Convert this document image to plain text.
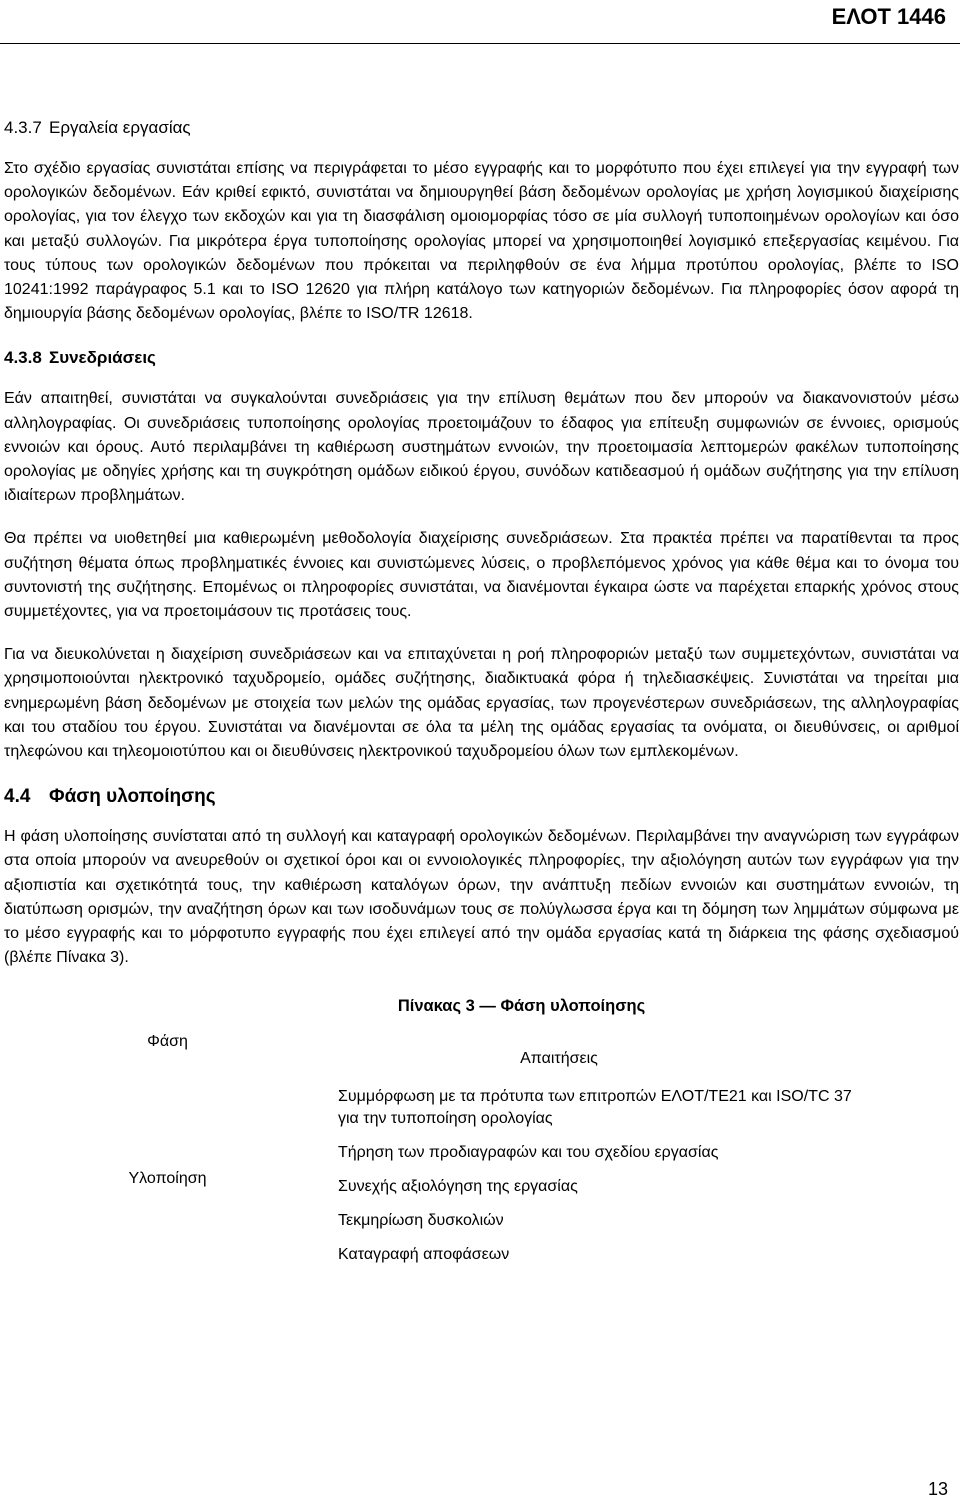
ΕΛΟΤ 1446
4.3.7 Εργαλεία εργασίας

Στο σχέδιο εργασίας συνιστάται επίσης να περιγράφεται το μέσο εγγραφής και το μορφότυπο που έχει επιλεγεί για την εγγραφή των ορολογικών δεδομένων. Εάν κριθεί εφικτό, συνιστάται να δημιουργηθεί βάση δεδομένων ορολογίας με χρήση λογισμικού διαχείρισης ορολογίας, για τον έλεγχο των εκδοχών και για τη διασφάλιση ομοιομορφίας τόσο σε μία συλλογή τυποποιημένων ορολογίων και όσο και μεταξύ συλλογών. Για μικρότερα έργα τυποποίησης ορολογίας μπορεί να χρησιμοποιηθεί λογισμικό επεξεργασίας κειμένου. Για τους τύπους των ορολογικών δεδομένων που πρόκειται να περιληφθούν σε ένα λήμμα προτύπου ορολογίας, βλέπε το ISO 10241:1992 παράγραφος 5.1 και το ISO 12620 για πλήρη κατάλογο των κατηγοριών δεδομένων. Για πληροφορίες όσον αφορά τη δημιουργία βάσης δεδομένων ορολογίας, βλέπε το ISO/TR 12618.

4.3.8 Συνεδριάσεις

Εάν απαιτηθεί, συνιστάται να συγκαλούνται συνεδριάσεις για την επίλυση θεμάτων που δεν μπορούν να διακανονιστούν μέσω αλληλογραφίας. Οι συνεδριάσεις τυποποίησης ορολογίας προετοιμάζουν το έδαφος για επίτευξη συμφωνιών σε έννοιες, ορισμούς εννοιών και όρους. Αυτό περιλαμβάνει τη καθιέρωση συστημάτων εννοιών, την προετοιμασία λεπτομερών φακέλων τυποποίησης ορολογίας με οδηγίες χρήσης και τη συγκρότηση ομάδων ειδικού έργου, συνόδων κατιδεασμού ή ομάδων συζήτησης για την επίλυση ιδιαίτερων προβλημάτων.

Θα πρέπει να υιοθετηθεί μια καθιερωμένη μεθοδολογία διαχείρισης συνεδριάσεων. Στα πρακτέα πρέπει να παρατίθενται τα προς συζήτηση θέματα όπως προβληματικές έννοιες και συνιστώμενες λύσεις, ο προβλεπόμενος χρόνος για κάθε θέμα και το όνομα του συντονιστή της συζήτησης. Επομένως οι πληροφορίες συνιστάται, να διανέμονται έγκαιρα ώστε να παρέχεται επαρκής χρόνος στους συμμετέχοντες, για να προετοιμάσουν τις προτάσεις τους.

Για να διευκολύνεται η διαχείριση συνεδριάσεων και να επιταχύνεται η ροή πληροφοριών μεταξύ των συμμετεχόντων, συνιστάται να χρησιμοποιούνται ηλεκτρονικό ταχυδρομείο, ομάδες συζήτησης, διαδικτυακά φόρα ή τηλεδιασκέψεις. Συνιστάται να τηρείται μια ενημερωμένη βάση δεδομένων με στοιχεία των μελών της ομάδας εργασίας, των προγενέστερων συνεδριάσεων, της αλληλογραφίας και του σταδίου του έργου. Συνιστάται να διανέμονται σε όλα τα μέλη της ομάδας εργασίας τα ονόματα, οι διευθύνσεις, οι αριθμοί τηλεφώνου και τηλεομοιοτύπου και οι διευθύνσεις ηλεκτρονικού ταχυδρομείου όλων των εμπλεκομένων.

4.4 Φάση υλοποίησης

Η φάση υλοποίησης συνίσταται από τη συλλογή και καταγραφή ορολογικών δεδομένων. Περιλαμβάνει την αναγνώριση των εγγράφων στα οποία μπορούν να ανευρεθούν οι σχετικοί όροι και οι εννοιολογικές πληροφορίες, την αξιολόγηση αυτών των εγγράφων για την αξιοπιστία και σχετικότητά τους, την καθιέρωση καταλόγων όρων, την ανάπτυξη πεδίων εννοιών και συστημάτων εννοιών, τη διατύπωση ορισμών, την αναζήτηση όρων και των ισοδυνάμων τους σε πολύγλωσσα έργα και τη δόμηση των λημμάτων σύμφωνα με το μέσο εγγραφής και το μόρφοτυπο εγγραφής που έχει επιλεγεί από την ομάδα εργασίας κατά τη διάρκεια της φάσης σχεδιασμού (βλέπε Πίνακα 3).

Πίνακας 3 — Φάση υλοποίησης
Φάση	Απαιτήσεις
Υλοποίηση	Συμμόρφωση με τα πρότυπα των επιτροπών ΕΛΟΤ/ΤΕ21 και ISO/TC 37 για την τυποποίηση ορολογίας
Τήρηση των προδιαγραφών και του σχεδίου εργασίας
Συνεχής αξιολόγηση της εργασίας
Τεκμηρίωση δυσκολιών
Καταγραφή αποφάσεων
13
